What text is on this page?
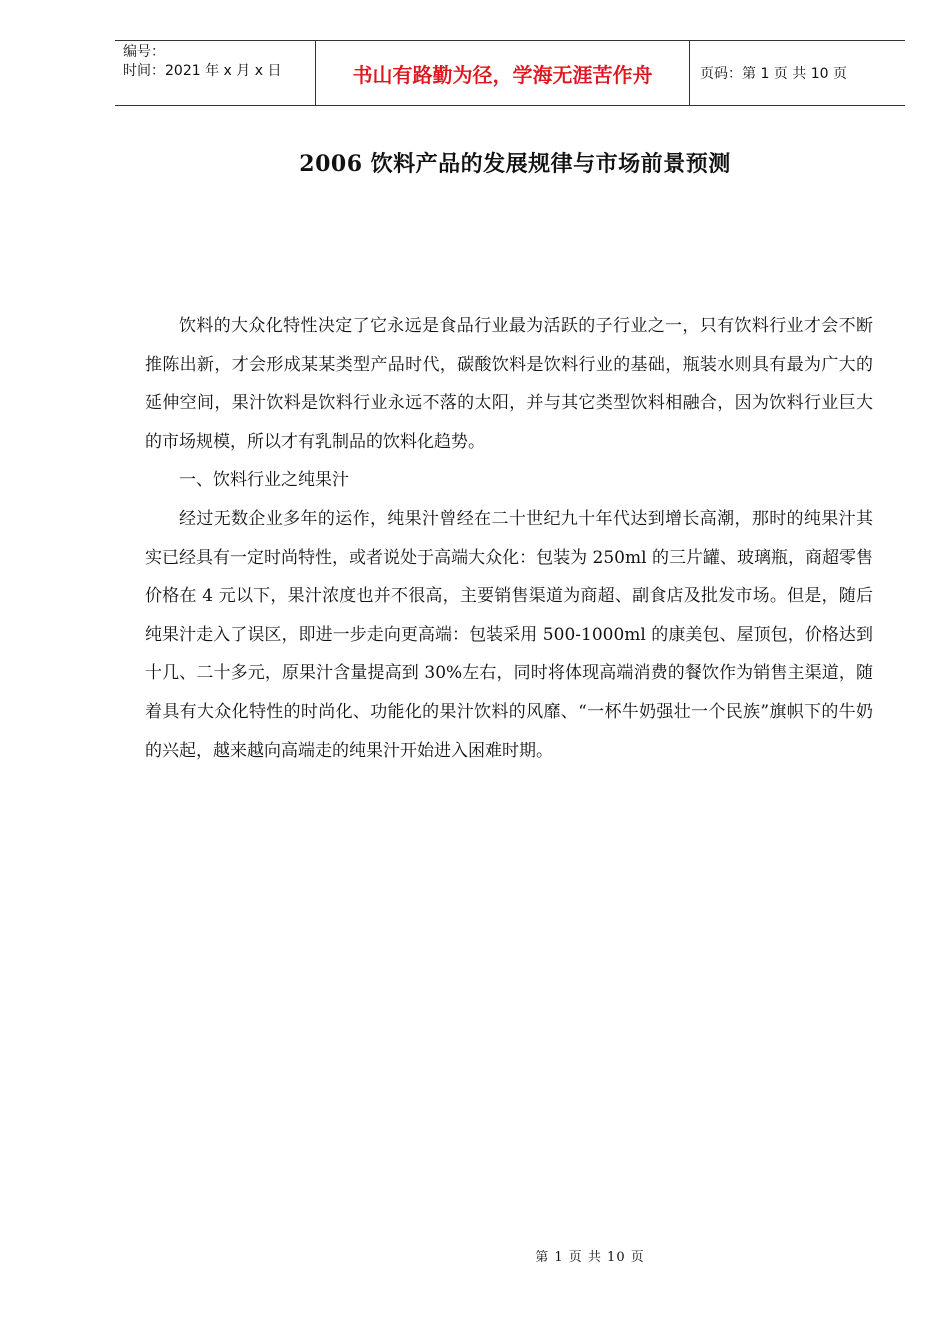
编号：
时间：2021 年 x 月 x 日	书山有路勤为径，学海无涯苦作舟	页码：第 1 页 共 10 页
2006 饮料产品的发展规律与市场前景预测

饮料的大众化特性决定了它永远是食品行业最为活跃的子行业之一，只有饮料行业才会不断推陈出新，才会形成某某类型产品时代，碳酸饮料是饮料行业的基础，瓶装水则具有最为广大的延伸空间，果汁饮料是饮料行业永远不落的太阳，并与其它类型饮料相融合，因为饮料行业巨大的市场规模，所以才有乳制品的饮料化趋势。

一、饮料行业之纯果汁

经过无数企业多年的运作，纯果汁曾经在二十世纪九十年代达到增长高潮，那时的纯果汁其实已经具有一定时尚特性，或者说处于高端大众化：包装为 250ml 的三片罐、玻璃瓶，商超零售价格在 4 元以下，果汁浓度也并不很高，主要销售渠道为商超、副食店及批发市场。但是，随后纯果汁走入了误区，即进一步走向更高端：包装采用 500-1000ml 的康美包、屋顶包，价格达到十几、二十多元，原果汁含量提高到 30%左右，同时将体现高端消费的餐饮作为销售主渠道，随着具有大众化特性的时尚化、功能化的果汁饮料的风靡、“一杯牛奶强壮一个民族”旗帜下的牛奶的兴起，越来越向高端走的纯果汁开始进入困难时期。

第 1 页 共 10 页
